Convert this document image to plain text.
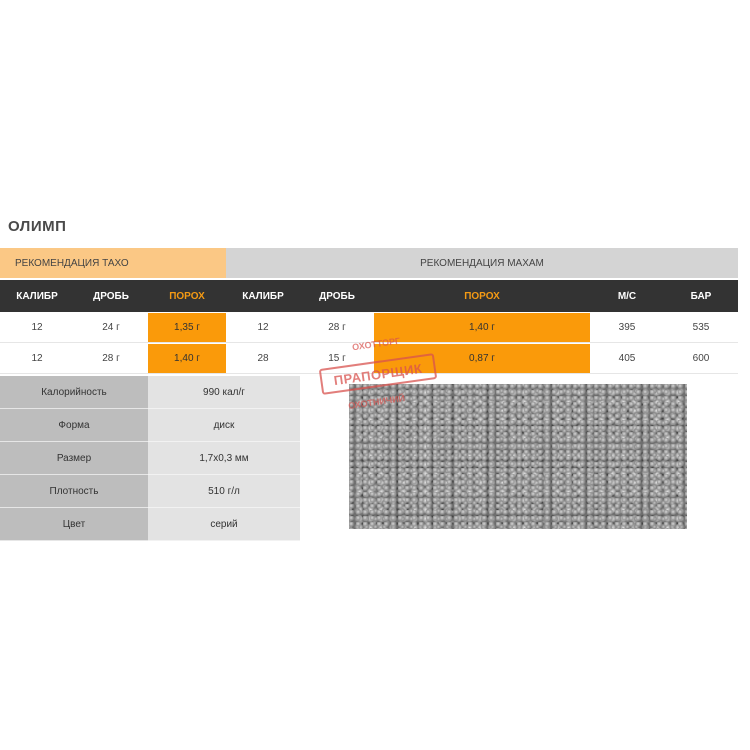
ОЛИМП
РЕКОМЕНДАЦИЯ ТАХО	РЕКОМЕНДАЦИЯ MAXAM
КАЛИБР	ДРОБЬ	ПОРОХ	КАЛИБР	ДРОБЬ	ПОРОХ	М/С	БАР
12	24 г	1,35 г	12	28 г	1,40 г	395	535
12	28 г	1,40 г	28	15 г	0,87 г	405	600
Калорийность	990 кал/г
Форма	диск
Размер	1,7х0,3 мм
Плотность	510 г/л
Цвет	серий
ОХОТТОРГ
ПРАПОРЩИК
ОХОТНИЧИЙ
